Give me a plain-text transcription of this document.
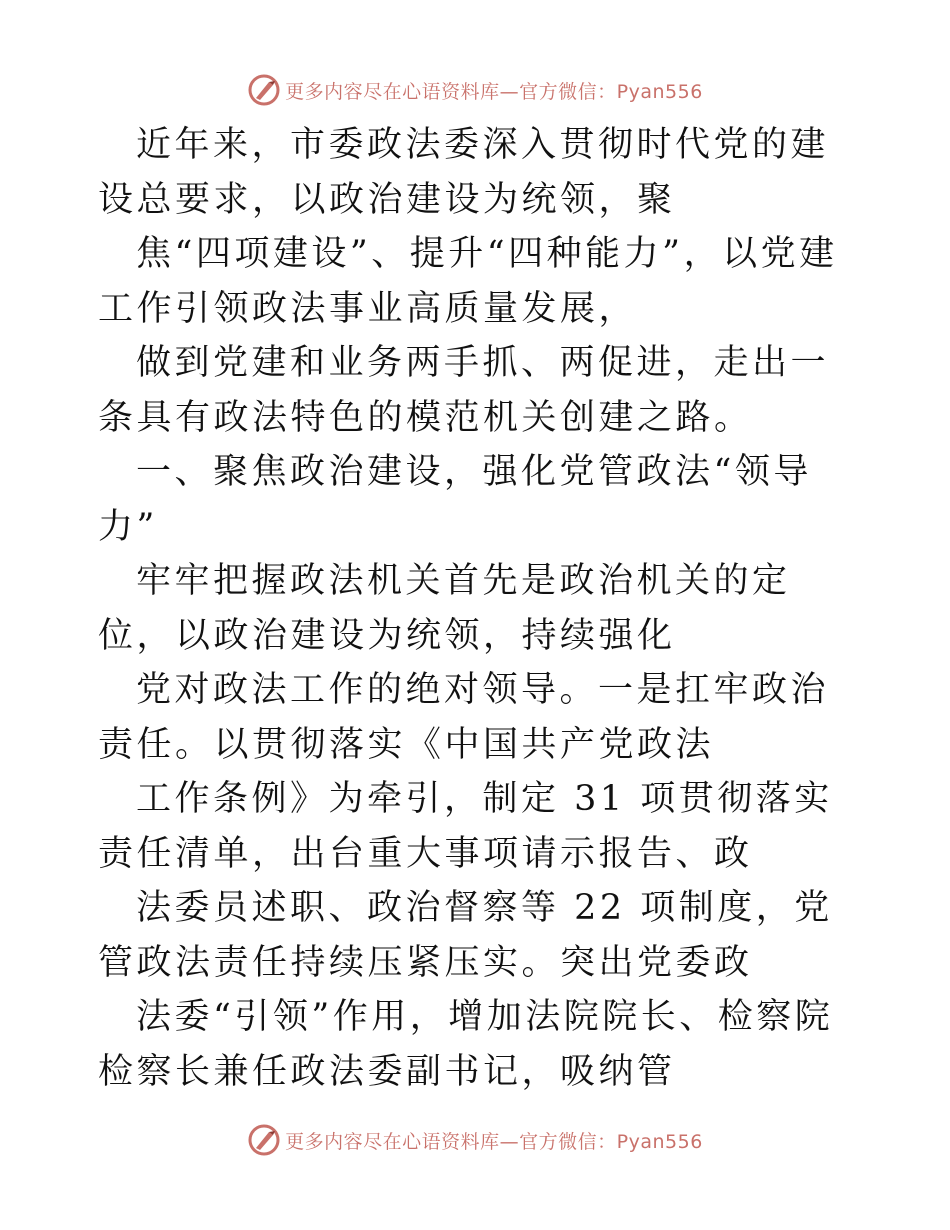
更多内容尽在心语资料库—官方微信：Pyan556

近年来，市委政法委深入贯彻时代党的建设总要求，以政治建设为统领，聚

焦“四项建设”、提升“四种能力”，以党建工作引领政法事业高质量发展，

做到党建和业务两手抓、两促进，走出一条具有政法特色的模范机关创建之路。

一、聚焦政治建设，强化党管政法“领导力”

牢牢把握政法机关首先是政治机关的定位，以政治建设为统领，持续强化

党对政法工作的绝对领导。一是扛牢政治责任。以贯彻落实《中国共产党政法

工作条例》为牵引，制定 31 项贯彻落实责任清单，出台重大事项请示报告、政

法委员述职、政治督察等 22 项制度，党管政法责任持续压紧压实。突出党委政

法委“引领”作用，增加法院院长、检察院检察长兼任政法委副书记，吸纳管

更多内容尽在心语资料库—官方微信：Pyan556
